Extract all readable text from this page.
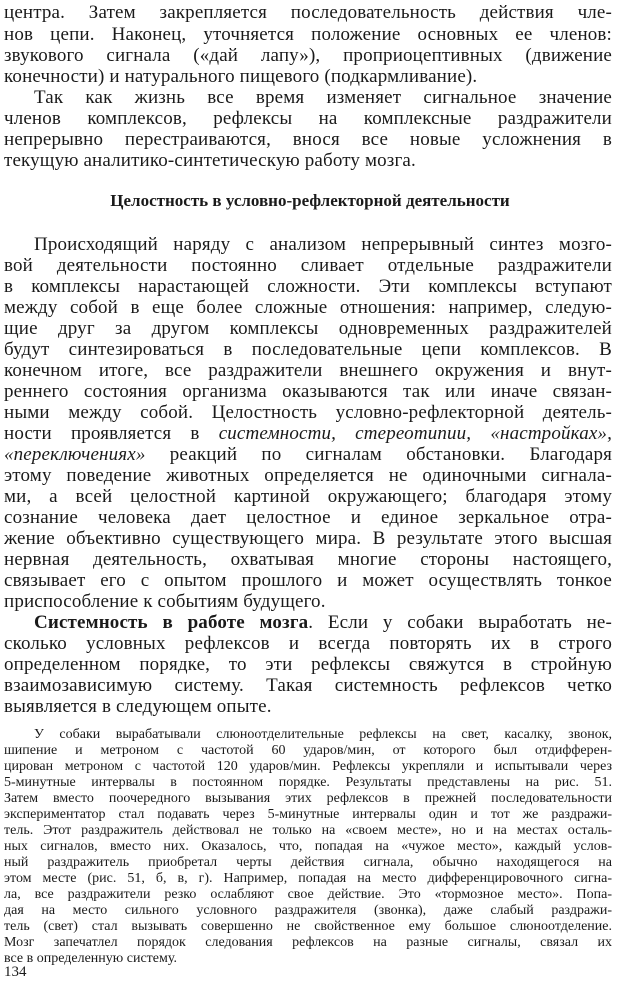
центра. Затем закрепляется последовательность действия чле-
нов цепи. Наконец, уточняется положение основных ее членов:
звукового сигнала («дай лапу»), проприоцептивных (движение
конечности) и натурального пищевого (подкармливание).
Так как жизнь все время изменяет сигнальное значение
членов комплексов, рефлексы на комплексные раздражители
непрерывно перестраиваются, внося все новые усложнения в
текущую аналитико-синтетическую работу мозга.
Целостность в условно-рефлекторной деятельности
Происходящий наряду с анализом непрерывный синтез мозго-
вой деятельности постоянно сливает отдельные раздражители
в комплексы нарастающей сложности. Эти комплексы вступают
между собой в еще более сложные отношения: например, следую-
щие друг за другом комплексы одновременных раздражителей
будут синтезироваться в последовательные цепи комплексов. В
конечном итоге, все раздражители внешнего окружения и внут-
реннего состояния организма оказываются так или иначе связан-
ными между собой. Целостность условно-рефлекторной деятель-
ности проявляется в системности, стереотипии, «настройках»,
«переключениях» реакций по сигналам обстановки. Благодаря
этому поведение животных определяется не одиночными сигнала-
ми, а всей целостной картиной окружающего; благодаря этому
сознание человека дает целостное и единое зеркальное отра-
жение объективно существующего мира. В результате этого высшая
нервная деятельность, охватывая многие стороны настоящего,
связывает его с опытом прошлого и может осуществлять тонкое
приспособление к событиям будущего.
Системность в работе мозга. Если у собаки выработать не-
сколько условных рефлексов и всегда повторять их в строго
определенном порядке, то эти рефлексы свяжутся в стройную
взаимозависимую систему. Такая системность рефлексов четко
выявляется в следующем опыте.
У собаки вырабатывали слюноотделительные рефлексы на свет, касалку, звонок,
шипение и метроном с частотой 60 ударов/мин, от которого был отдифферен-
цирован метроном с частотой 120 ударов/мин. Рефлексы укрепляли и испытывали через
5-минутные интервалы в постоянном порядке. Результаты представлены на рис. 51.
Затем вместо поочередного вызывания этих рефлексов в прежней последовательности
экспериментатор стал подавать через 5-минутные интервалы один и тот же раздражи-
тель. Этот раздражитель действовал не только на «своем месте», но и на местах осталь-
ных сигналов, вместо них. Оказалось, что, попадая на «чужое место», каждый услов-
ный раздражитель приобретал черты действия сигнала, обычно находящегося на
этом месте (рис. 51, б, в, г). Например, попадая на место дифференцировочного сигна-
ла, все раздражители резко ослабляют свое действие. Это «тормозное место». Попа-
дая на место сильного условного раздражителя (звонка), даже слабый раздражи-
тель (свет) стал вызывать совершенно не свойственное ему большое слюноотделение.
Мозг запечатлел порядок следования рефлексов на разные сигналы, связал их
все в определенную систему.
134
